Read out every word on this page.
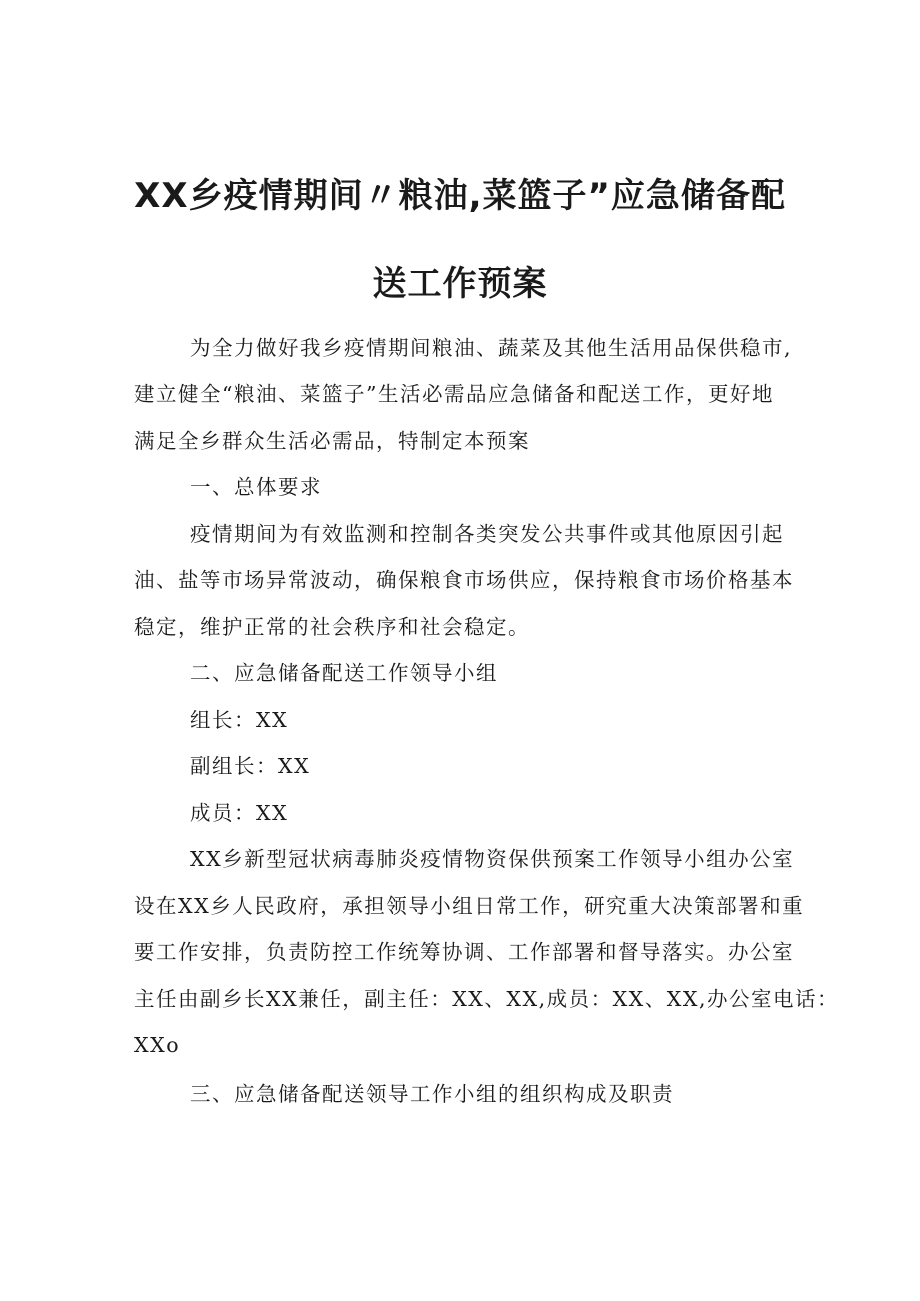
XX乡疫情期间〃粮油,菜篮子”应急储备配
送工作预案

为全力做好我乡疫情期间粮油、蔬菜及其他生活用品保供稳市,

建立健全“粮油、菜篮子”生活必需品应急储备和配送工作，更好地

满足全乡群众生活必需品，特制定本预案

一、总体要求

疫情期间为有效监测和控制各类突发公共事件或其他原因引起

油、盐等市场异常波动，确保粮食市场供应，保持粮食市场价格基本

稳定，维护正常的社会秩序和社会稳定。

二、应急储备配送工作领导小组

组长：XX

副组长：XX

成员：XX

XX乡新型冠状病毒肺炎疫情物资保供预案工作领导小组办公室

设在XX乡人民政府，承担领导小组日常工作，研究重大决策部署和重

要工作安排，负责防控工作统筹协调、工作部署和督导落实。办公室

主任由副乡长XX兼任，副主任：XX、XX,成员：XX、XX,办公室电话：

XXo

三、应急储备配送领导工作小组的组织构成及职责
